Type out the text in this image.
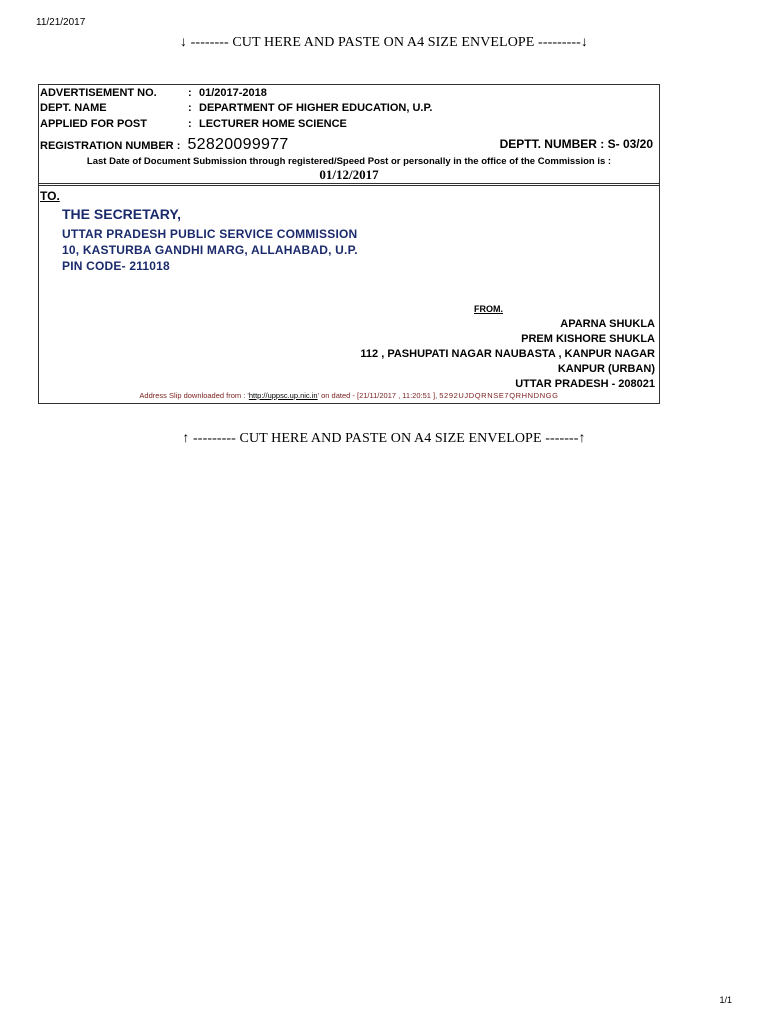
11/21/2017
↓ -------- CUT HERE AND PASTE ON A4 SIZE ENVELOPE ---------↓
ADVERTISEMENT NO.	: 01/2017-2018
DEPT. NAME	: DEPARTMENT OF HIGHER EDUCATION, U.P.
APPLIED FOR POST	: LECTURER HOME SCIENCE
REGISTRATION NUMBER : 52820099977	DEPTT. NUMBER : S- 03/20
Last Date of Document Submission through registered/Speed Post or personally in the office of the Commission is :
01/12/2017
TO.
THE SECRETARY,
UTTAR PRADESH PUBLIC SERVICE COMMISSION
10, KASTURBA GANDHI MARG, ALLAHABAD, U.P.
PIN CODE- 211018
FROM.
APARNA SHUKLA
PREM KISHORE SHUKLA
112 , PASHUPATI NAGAR NAUBASTA , KANPUR NAGAR
KANPUR (URBAN)
UTTAR PRADESH - 208021
Address Slip downloaded from : 'http://uppsc.up.nic.in' on dated - [21/11/2017 , 11:20:51 ], 5292UJDQRNSE7QRHNDNGG
↑ --------- CUT HERE AND PASTE ON A4 SIZE ENVELOPE -------↑
1/1
